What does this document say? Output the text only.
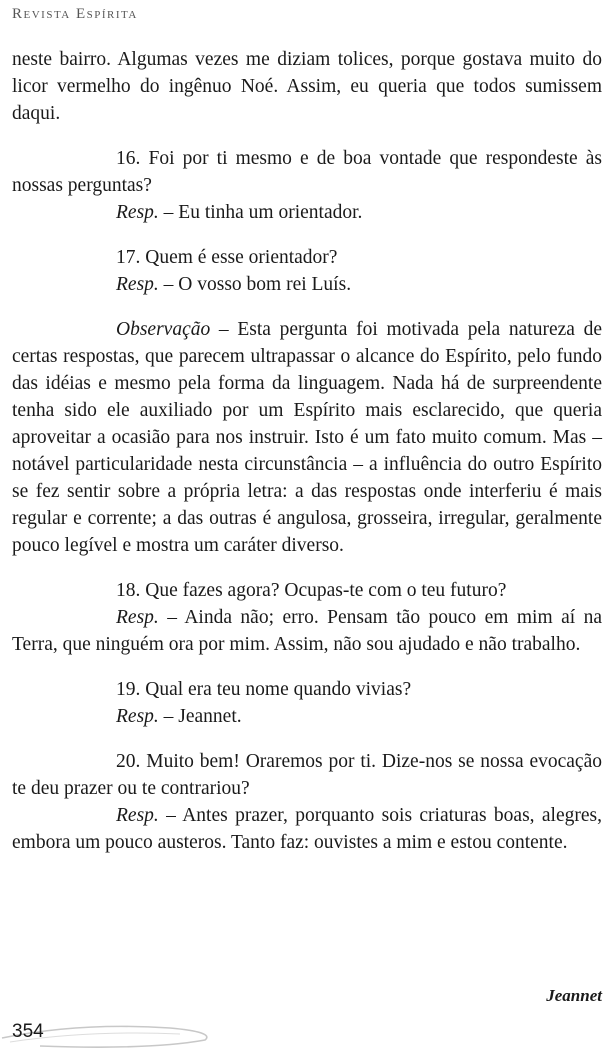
Revista Espírita

neste bairro. Algumas vezes me diziam tolices, porque gostava muito do licor vermelho do ingênuo Noé. Assim, eu queria que todos sumissem daqui.

16. Foi por ti mesmo e de boa vontade que respondeste às nossas perguntas?

Resp. – Eu tinha um orientador.

17. Quem é esse orientador?

Resp. – O vosso bom rei Luís.

Observação – Esta pergunta foi motivada pela natureza de certas respostas, que parecem ultrapassar o alcance do Espírito, pelo fundo das idéias e mesmo pela forma da linguagem. Nada há de surpreendente tenha sido ele auxiliado por um Espírito mais esclarecido, que queria aproveitar a ocasião para nos instruir. Isto é um fato muito comum. Mas – notável particularidade nesta circunstância – a influência do outro Espírito se fez sentir sobre a própria letra: a das respostas onde interferiu é mais regular e corrente; a das outras é angulosa, grosseira, irregular, geralmente pouco legível e mostra um caráter diverso.

18. Que fazes agora? Ocupas-te com o teu futuro?

Resp. – Ainda não; erro. Pensam tão pouco em mim aí na Terra, que ninguém ora por mim. Assim, não sou ajudado e não trabalho.

19. Qual era teu nome quando vivias?

Resp. – Jeannet.

20. Muito bem! Oraremos por ti. Dize-nos se nossa evocação te deu prazer ou te contrariou?

Resp. – Antes prazer, porquanto sois criaturas boas, alegres, embora um pouco austeros. Tanto faz: ouvistes a mim e estou contente.

Jeannet
354
